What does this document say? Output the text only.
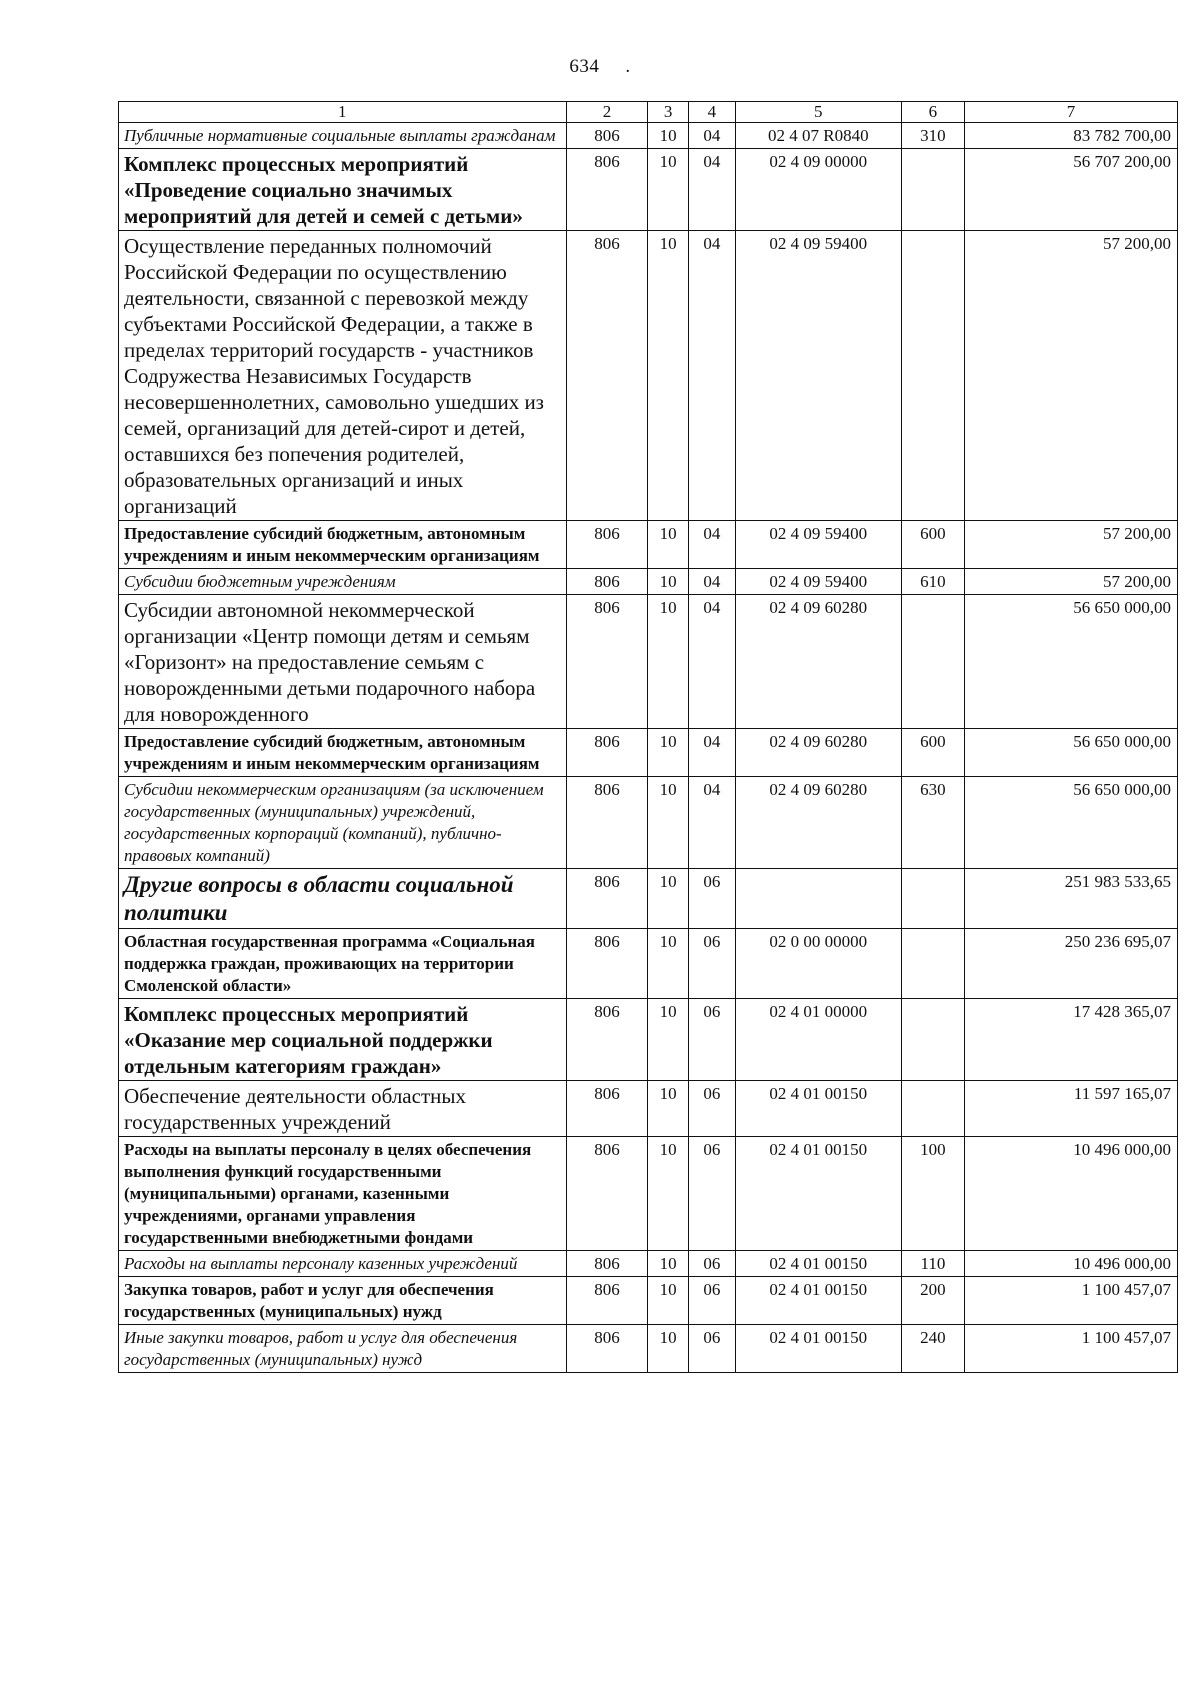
634 .
1	2	3	4	5	6	7
Публичные нормативные социальные выплаты гражданам	806	10	04	02 4 07 R0840	310	83 782 700,00
Комплекс процессных мероприятий «Проведение социально значимых мероприятий для детей и семей с детьми»	806	10	04	02 4 09 00000		56 707 200,00
Осуществление переданных полномочий Российской Федерации по осуществлению деятельности, связанной с перевозкой между субъектами Российской Федерации, а также в пределах территорий государств - участников Содружества Независимых Государств несовершеннолетних, самовольно ушедших из семей, организаций для детей-сирот и детей, оставшихся без попечения родителей, образовательных организаций и иных организаций	806	10	04	02 4 09 59400		57 200,00
Предоставление субсидий бюджетным, автономным учреждениям и иным некоммерческим организациям	806	10	04	02 4 09 59400	600	57 200,00
Субсидии бюджетным учреждениям	806	10	04	02 4 09 59400	610	57 200,00
Субсидии автономной некоммерческой организации «Центр помощи детям и семьям «Горизонт» на предоставление семьям с новорожденными детьми подарочного набора для новорожденного	806	10	04	02 4 09 60280		56 650 000,00
Предоставление субсидий бюджетным, автономным учреждениям и иным некоммерческим организациям	806	10	04	02 4 09 60280	600	56 650 000,00
Субсидии некоммерческим организациям (за исключением государственных (муниципальных) учреждений, государственных корпораций (компаний), публично-правовых компаний)	806	10	04	02 4 09 60280	630	56 650 000,00
Другие вопросы в области социальной политики	806	10	06			251 983 533,65
Областная государственная программа «Социальная поддержка граждан, проживающих на территории Смоленской области»	806	10	06	02 0 00 00000		250 236 695,07
Комплекс процессных мероприятий «Оказание мер социальной поддержки отдельным категориям граждан»	806	10	06	02 4 01 00000		17 428 365,07
Обеспечение деятельности областных государственных учреждений	806	10	06	02 4 01 00150		11 597 165,07
Расходы на выплаты персоналу в целях обеспечения выполнения функций государственными (муниципальными) органами, казенными учреждениями, органами управления государственными внебюджетными фондами	806	10	06	02 4 01 00150	100	10 496 000,00
Расходы на выплаты персоналу казенных учреждений	806	10	06	02 4 01 00150	110	10 496 000,00
Закупка товаров, работ и услуг для обеспечения государственных (муниципальных) нужд	806	10	06	02 4 01 00150	200	1 100 457,07
Иные закупки товаров, работ и услуг для обеспечения государственных (муниципальных) нужд	806	10	06	02 4 01 00150	240	1 100 457,07
